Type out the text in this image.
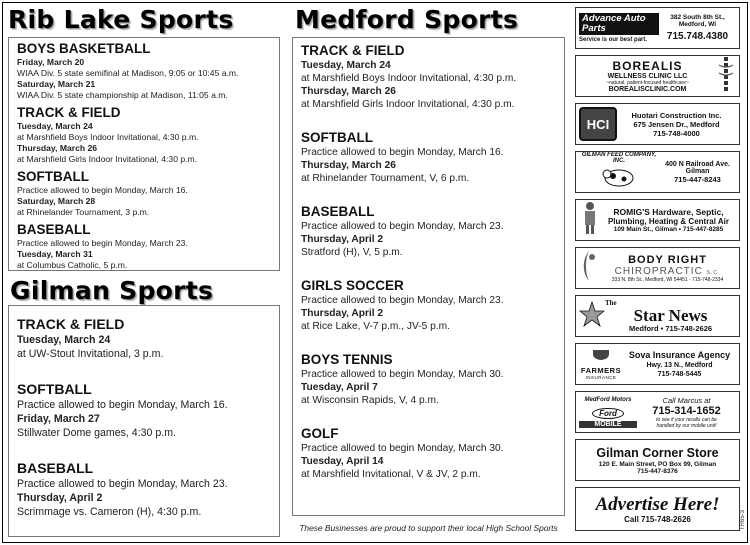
Rib Lake Sports
BOYS BASKETBALL
Friday, March 20
WIAA Div. 5 state semifinal at Madison, 9:05 or 10:45 a.m.
Saturday, March 21
WIAA Div. 5 state championship at Madison, 11:05 a.m.
TRACK & FIELD
Tuesday, March 24
at Marshfield Boys Indoor Invitational, 4:30 p.m.
Thursday, March 26
at Marshfield Girls Indoor Invitational, 4:30 p.m.
SOFTBALL
Practice allowed to begin Monday, March 16.
Saturday, March 28
at Rhinelander Tournament, 3 p.m.
BASEBALL
Practice allowed to begin Monday, March 23.
Tuesday, March 31
at Columbus Catholic, 5 p.m.
Gilman Sports
TRACK & FIELD
Tuesday, March 24
at UW-Stout Invitational, 3 p.m.
SOFTBALL
Practice allowed to begin Monday, March 16.
Friday, March 27
Stillwater Dome games, 4:30 p.m.
BASEBALL
Practice allowed to begin Monday, March 23.
Thursday, April 2
Scrimmage vs. Cameron (H), 4:30 p.m.
Medford Sports
TRACK & FIELD
Tuesday, March 24
at Marshfield Boys Indoor Invitational, 4:30 p.m.
Thursday, March 26
at Marshfield Girls Indoor Invitational, 4:30 p.m.
SOFTBALL
Practice allowed to begin Monday, March 16.
Thursday, March 26
at Rhinelander Tournament, V, 6 p.m.
BASEBALL
Practice allowed to begin Monday, March 23.
Thursday, April 2
Stratford (H), V, 5 p.m.
GIRLS SOCCER
Practice allowed to begin Monday, March 23.
Thursday, April 2
at Rice Lake, V-7 p.m., JV-5 p.m.
BOYS TENNIS
Practice allowed to begin Monday, March 30.
Tuesday, April 7
at Wisconsin Rapids, V, 4 p.m.
GOLF
Practice allowed to begin Monday, March 30.
Tuesday, April 14
at Marshfield Invitational, V & JV, 2 p.m.
These Businesses are proud to support their local High School Sports	TR65-3
Advance Auto Parts
Service is our best part.
382 South 8th St.,
Medford, WI
715.748.4380
BOREALIS
WELLNESS CLINIC LLC
~natural, patient-focused healthcare~
BOREALISCLINIC.COM
HCI
Huotari Construction Inc.
675 Jensen Dr., Medford
715-748-4000
GILMAN FEED COMPANY, INC.	400 N Railroad Ave.
Gilman
715-447-8243
ROMIG'S Hardware, Septic,
Plumbing, Heating & Central Air
109 Main St., Gilman • 715-447-8285
BODY RIGHT
CHIROPRACTIC S.C.
333 N. 8th St., Medford, WI 54451 · 715-748-2334
The
Star News
Medford • 715-748-2626
FARMERS
INSURANCE
Sova Insurance Agency
Hwy. 13 N., Medford
715-748-5445
MedFord Motors
Ford
MOBILE
Call Marcus at
715-314-1652
to see if your recalls can be
handled by our mobile unit!
Gilman Corner Store
120 E. Main Street, PO Box 99, Gilman
715-447-8376
Advertise Here!
Call 715-748-2626
